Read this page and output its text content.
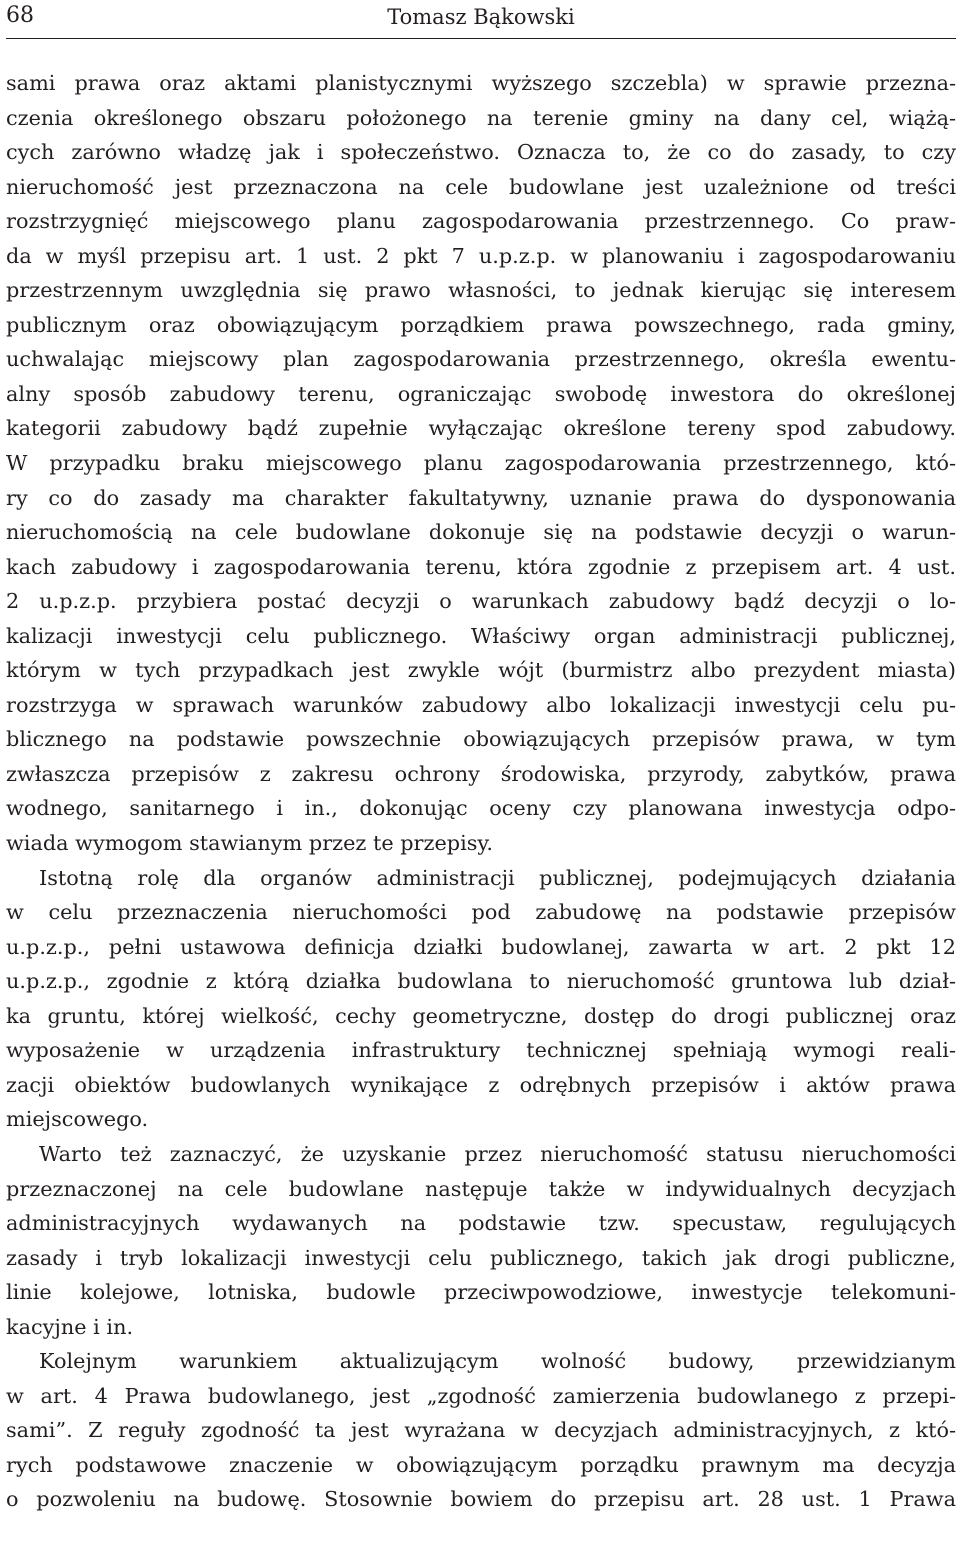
68	Tomasz Bąkowski
sami prawa oraz aktami planistycznymi wyższego szczebla) w sprawie przezna-
czenia określonego obszaru położonego na terenie gminy na dany cel, wiążą-
cych zarówno władzę jak i społeczeństwo. Oznacza to, że co do zasady, to czy
nieruchomość jest przeznaczona na cele budowlane jest uzależnione od treści
rozstrzygnięć miejscowego planu zagospodarowania przestrzennego. Co praw-
da w myśl przepisu art. 1 ust. 2 pkt 7 u.p.z.p. w planowaniu i zagospodarowaniu
przestrzennym uwzględnia się prawo własności, to jednak kierując się interesem
publicznym oraz obowiązującym porządkiem prawa powszechnego, rada gminy,
uchwalając miejscowy plan zagospodarowania przestrzennego, określa ewentu-
alny sposób zabudowy terenu, ograniczając swobodę inwestora do określonej
kategorii zabudowy bądź zupełnie wyłączając określone tereny spod zabudowy.
W przypadku braku miejscowego planu zagospodarowania przestrzennego, któ-
ry co do zasady ma charakter fakultatywny, uznanie prawa do dysponowania
nieruchomością na cele budowlane dokonuje się na podstawie decyzji o warun-
kach zabudowy i zagospodarowania terenu, która zgodnie z przepisem art. 4 ust.
2 u.p.z.p. przybiera postać decyzji o warunkach zabudowy bądź decyzji o lo-
kalizacji inwestycji celu publicznego. Właściwy organ administracji publicznej,
którym w tych przypadkach jest zwykle wójt (burmistrz albo prezydent miasta)
rozstrzyga w sprawach warunków zabudowy albo lokalizacji inwestycji celu pu-
blicznego na podstawie powszechnie obowiązujących przepisów prawa, w tym
zwłaszcza przepisów z zakresu ochrony środowiska, przyrody, zabytków, prawa
wodnego, sanitarnego i in., dokonując oceny czy planowana inwestycja odpo-
wiada wymogom stawianym przez te przepisy.
Istotną rolę dla organów administracji publicznej, podejmujących działania
w celu przeznaczenia nieruchomości pod zabudowę na podstawie przepisów
u.p.z.p., pełni ustawowa definicja działki budowlanej, zawarta w art. 2 pkt 12
u.p.z.p., zgodnie z którą działka budowlana to nieruchomość gruntowa lub dział-
ka gruntu, której wielkość, cechy geometryczne, dostęp do drogi publicznej oraz
wyposażenie w urządzenia infrastruktury technicznej spełniają wymogi reali-
zacji obiektów budowlanych wynikające z odrębnych przepisów i aktów prawa
miejscowego.
Warto też zaznaczyć, że uzyskanie przez nieruchomość statusu nieruchomości
przeznaczonej na cele budowlane następuje także w indywidualnych decyzjach
administracyjnych wydawanych na podstawie tzw. specustaw, regulujących
zasady i tryb lokalizacji inwestycji celu publicznego, takich jak drogi publiczne,
linie kolejowe, lotniska, budowle przeciwpowodziowe, inwestycje telekomuni-
kacyjne i in.
Kolejnym warunkiem aktualizującym wolność budowy, przewidzianym
w art. 4 Prawa budowlanego, jest „zgodność zamierzenia budowlanego z przepi-
sami”. Z reguły zgodność ta jest wyrażana w decyzjach administracyjnych, z któ-
rych podstawowe znaczenie w obowiązującym porządku prawnym ma decyzja
o pozwoleniu na budowę. Stosownie bowiem do przepisu art. 28 ust. 1 Prawa
